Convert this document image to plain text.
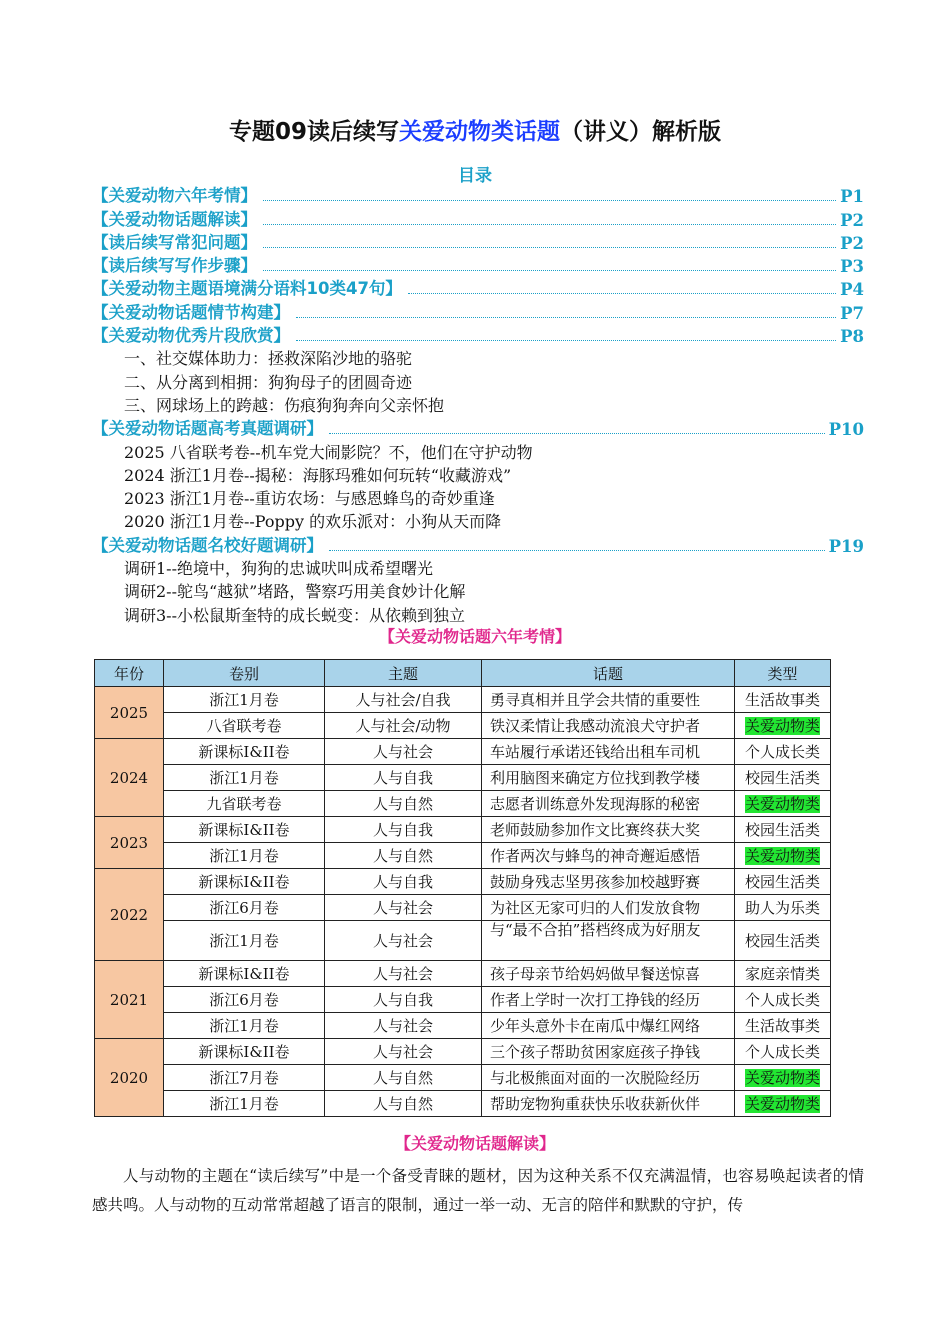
专题09读后续写关爱动物类话题（讲义）解析版
目录
【关爱动物六年考情】	P1
【关爱动物话题解读】	P2
【读后续写常犯问题】	P2
【读后续写写作步骤】	P3
【关爱动物主题语境满分语料10类47句】	P4
【关爱动物话题情节构建】	P7
【关爱动物优秀片段欣赏】	P8
一、社交媒体助力：拯救深陷沙地的骆驼
二、从分离到相拥：狗狗母子的团圆奇迹
三、网球场上的跨越：伤痕狗狗奔向父亲怀抱
【关爱动物话题高考真题调研】	P10
2025 八省联考卷--机车党大闹影院？不，他们在守护动物
2024 浙江1月卷--揭秘：海豚玛雅如何玩转“收藏游戏”
2023 浙江1月卷--重访农场：与感恩蜂鸟的奇妙重逢
2020 浙江1月卷--Poppy 的欢乐派对：小狗从天而降
【关爱动物话题名校好题调研】	P19
调研1--绝境中，狗狗的忠诚吠叫成希望曙光
调研2--鸵鸟“越狱”堵路，警察巧用美食妙计化解
调研3--小松鼠斯奎特的成长蜕变：从依赖到独立
【关爱动物话题六年考情】
年份	卷别	主题	话题	类型
2025	浙江1月卷	人与社会/自我	勇寻真相并且学会共情的重要性	生活故事类
	八省联考卷	人与社会/动物	铁汉柔情让我感动流浪犬守护者	关爱动物类
2024	新课标I&II卷	人与社会	车站履行承诺还钱给出租车司机	个人成长类
	浙江1月卷	人与自我	利用脑图来确定方位找到教学楼	校园生活类
	九省联考卷	人与自然	志愿者训练意外发现海豚的秘密	关爱动物类
2023	新课标I&II卷	人与自我	老师鼓励参加作文比赛终获大奖	校园生活类
	浙江1月卷	人与自然	作者两次与蜂鸟的神奇邂逅感悟	关爱动物类
2022	新课标I&II卷	人与自我	鼓励身残志坚男孩参加校越野赛	校园生活类
	浙江6月卷	人与社会	为社区无家可归的人们发放食物	助人为乐类
	浙江1月卷	人与社会	与“最不合拍”搭档终成为好朋友	校园生活类
2021	新课标I&II卷	人与社会	孩子母亲节给妈妈做早餐送惊喜	家庭亲情类
	浙江6月卷	人与自我	作者上学时一次打工挣钱的经历	个人成长类
	浙江1月卷	人与社会	少年头意外卡在南瓜中爆红网络	生活故事类
2020	新课标I&II卷	人与社会	三个孩子帮助贫困家庭孩子挣钱	个人成长类
	浙江7月卷	人与自然	与北极熊面对面的一次脱险经历	关爱动物类
	浙江1月卷	人与自然	帮助宠物狗重获快乐收获新伙伴	关爱动物类
【关爱动物话题解读】
人与动物的主题在“读后续写”中是一个备受青睐的题材，因为这种关系不仅充满温情，也容易唤起读者的情感共鸣。人与动物的互动常常超越了语言的限制，通过一举一动、无言的陪伴和默默的守护，传
